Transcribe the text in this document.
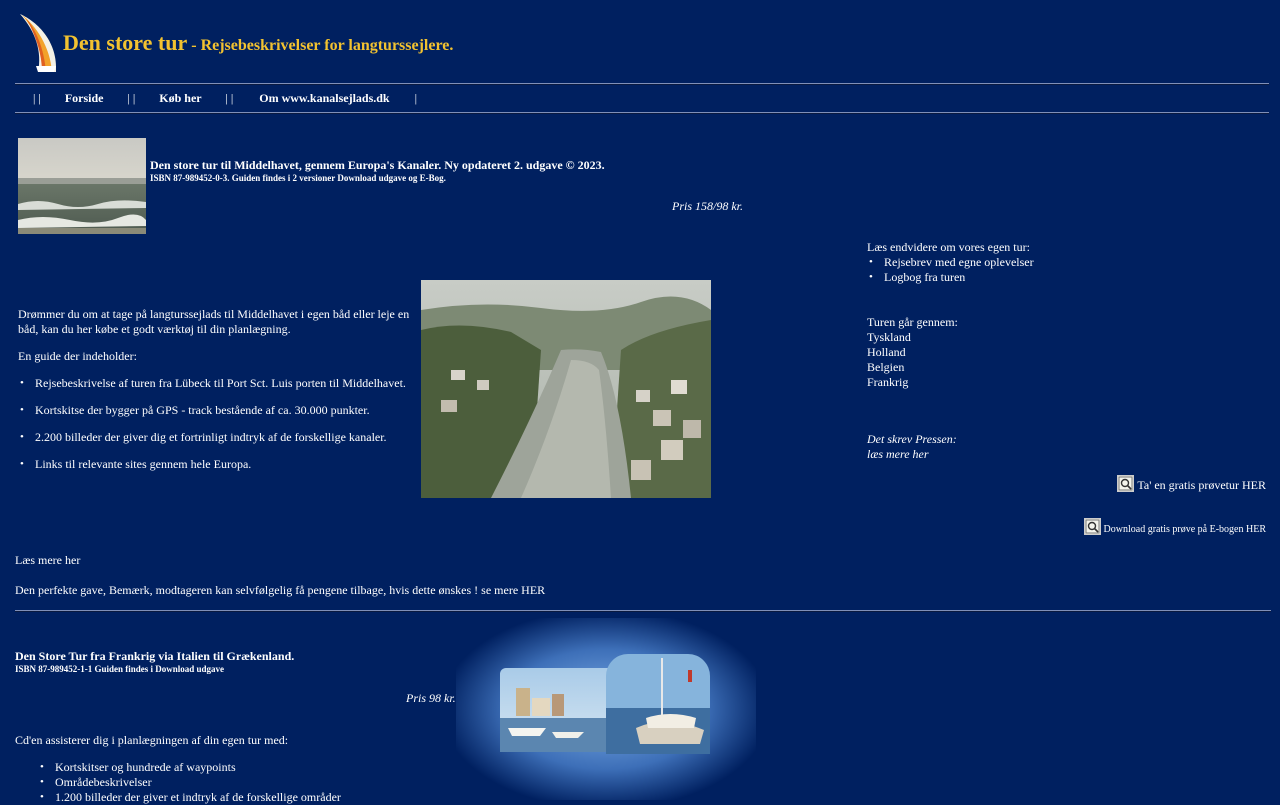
Den store tur - Rejsebeskrivelser for langturssejlere.
| | Forside | | Køb her | | Om www.kanalsejlads.dk |
Den store tur til Middelhavet, gennem Europa's Kanaler. Ny opdateret 2. udgave © 2023.
ISBN 87-989452-0-3. Guiden findes i 2 versioner Download udgave og E-Bog.
Pris 158/98 kr.
Drømmer du om at tage på langturssejlads til Middelhavet i egen båd eller leje en båd, kan du her købe et godt værktøj til din planlægning.
En guide der indeholder:
• Rejsebeskrivelse af turen fra Lübeck til Port Sct. Luis porten til Middelhavet.
• Kortskitse der bygger på GPS - track bestående af ca. 30.000 punkter.
• 2.200 billeder der giver dig et fortrinligt indtryk af de forskellige kanaler.
• Links til relevante sites gennem hele Europa.
Læs endvidere om vores egen tur:
• Rejsebrev med egne oplevelser
• Logbog fra turen
Turen går gennem:
Tyskland
Holland
Belgien
Frankrig
Det skrev Pressen:
læs mere her
Ta' en gratis prøvetur HER
Download gratis prøve på E-bogen HER
Læs mere her
Den perfekte gave, Bemærk, modtageren kan selvfølgelig få pengene tilbage, hvis dette ønskes ! se mere HER
Den Store Tur fra Frankrig via Italien til Grækenland.
ISBN 87-989452-1-1 Guiden findes i Download udgave
Pris 98 kr.
Cd'en assisterer dig i planlægningen af din egen tur med:
• Kortskitser og hundrede af waypoints
• Områdebeskrivelser
• 1.200 billeder der giver et indtryk af de forskellige områder
